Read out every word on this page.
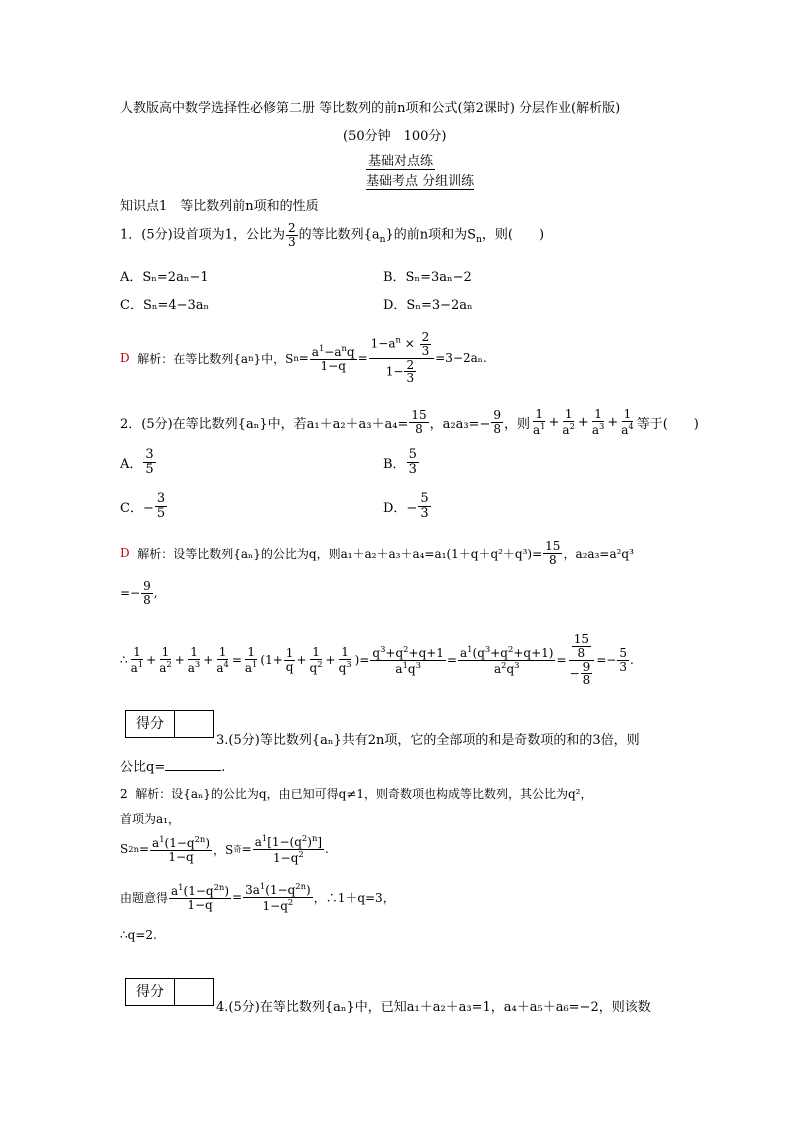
人教版高中数学选择性必修第二册 等比数列的前n项和公式(第2课时) 分层作业(解析版)
(50分钟　100分)
基础对点练
基础考点 分组训练
知识点1　等比数列前n项和的性质
1．(5分)设首项为1，公比为 $\frac{2}{3}$ 的等比数列$\{a_n\}$的前n项和为$S_n$，则(　　)
A．Sₙ=2aₙ−1	B．Sₙ=3aₙ−2
C．Sₙ=4−3aₙ	D．Sₙ=3−2aₙ
D
解析：在等比数列{a n }中，S $n = \frac{a^1-a^nq}{1-q} = \frac{1-a^n \times \frac{2}{3}}{1- \frac{2}{3}} =3-2a_n$.
2．(5分)在等比数列{aₙ}中，若$a_1+a_2+a_3+a_4= \frac{15}{8}$ ，$a_2a_3=- \frac{9}{8}$ ，则 $\frac{1}{a^1} + \frac{1}{a^2} + \frac{1}{a^3} + \frac{1}{a^4}$ 等于(　　)
A． $\frac{3}{5}$	B． $\frac{5}{3}$
C．− $\frac{3}{5}$	D．− $\frac{5}{3}$
D
解析：设等比数列{aₙ}的公比为q，则$a_1+a_2+a_3+a_4=a_1(1+q+q^2+q^3)= \frac{15}{8}$ ，a₂a₃=a²q³
=− $\frac{9}{8}$ ,
∴ $\frac{1}{a^1} + \frac{1}{a^2} + \frac{1}{a^3} + \frac{1}{a^4} = \frac{1}{a^1} (1+ \frac{1}{q} + \frac{1}{q^2} + \frac{1}{q^3}$ )= $\frac{q^3+q^2+q+1}{a^1q^3} = \frac{a^1(q^3+q^2+q+1)}{a^2q^3} = \frac{\frac{15}{8}}{- \frac{9}{8}} =- \frac{5}{3}$ .
得分
3.(5分)等比数列{aₙ}共有2n项，它的全部项的和是奇数项的和的3倍，则
公比q=	.
2 解析：设{aₙ}的公比为q，由已知可得q≠1，则奇数项也构成等比数列，其公比为q²，
首项为a₁，
S $2n = \frac{a^1(1-q^{2n})}{1-q}$ ，S 奇 = $\frac{a^1[1-(q^2)^n]}{1-q^2}$ .
由题意得 $\frac{a^1(1-q^{2n})}{1-q} = \frac{3a^1(1-q^{2n})}{1-q^2}$ ，∴1＋q=3，
∴q=2.
得分
4.(5分)在等比数列{aₙ}中，已知a₁＋a₂＋a₃=1，a₄＋a₅＋a₆=−2，则该数
